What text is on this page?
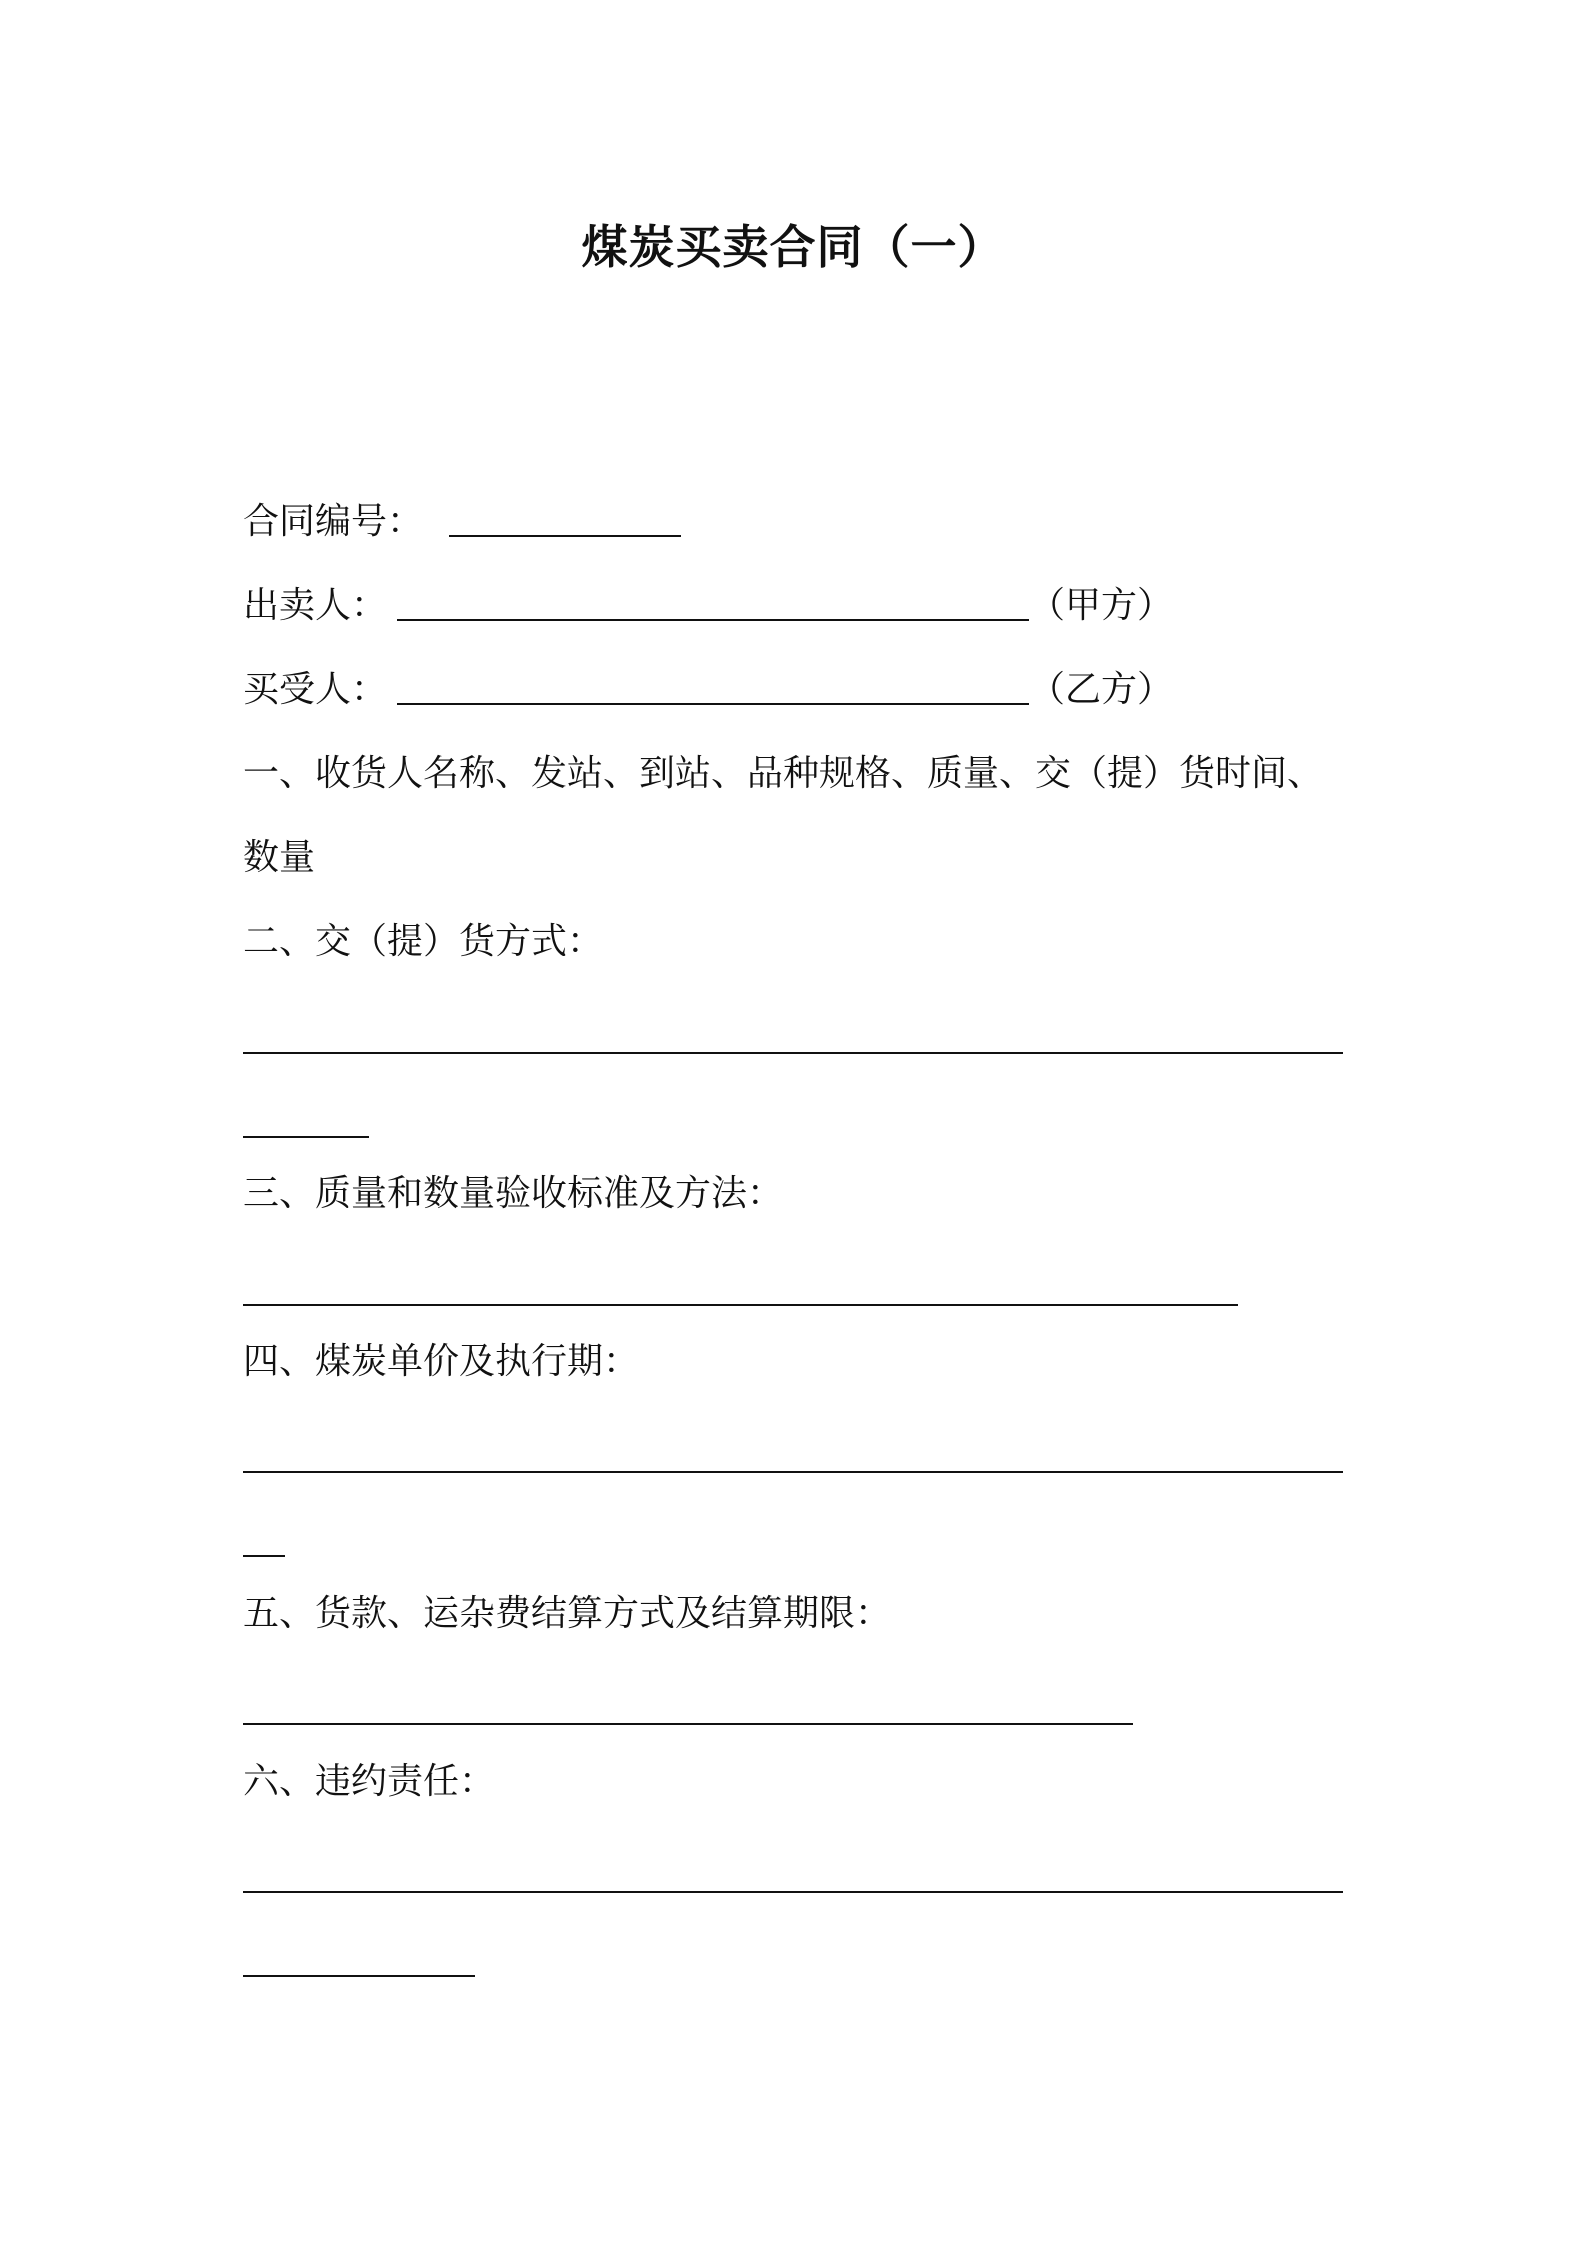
煤炭买卖合同（一）
合同编号：
出卖人：	（甲方）
买受人：	（乙方）
一、收货人名称、发站、到站、品种规格、质量、交（提）货时间、
数量
二、交（提）货方式：
三、质量和数量验收标准及方法：
四、煤炭单价及执行期：
五、货款、运杂费结算方式及结算期限：
六、违约责任：
